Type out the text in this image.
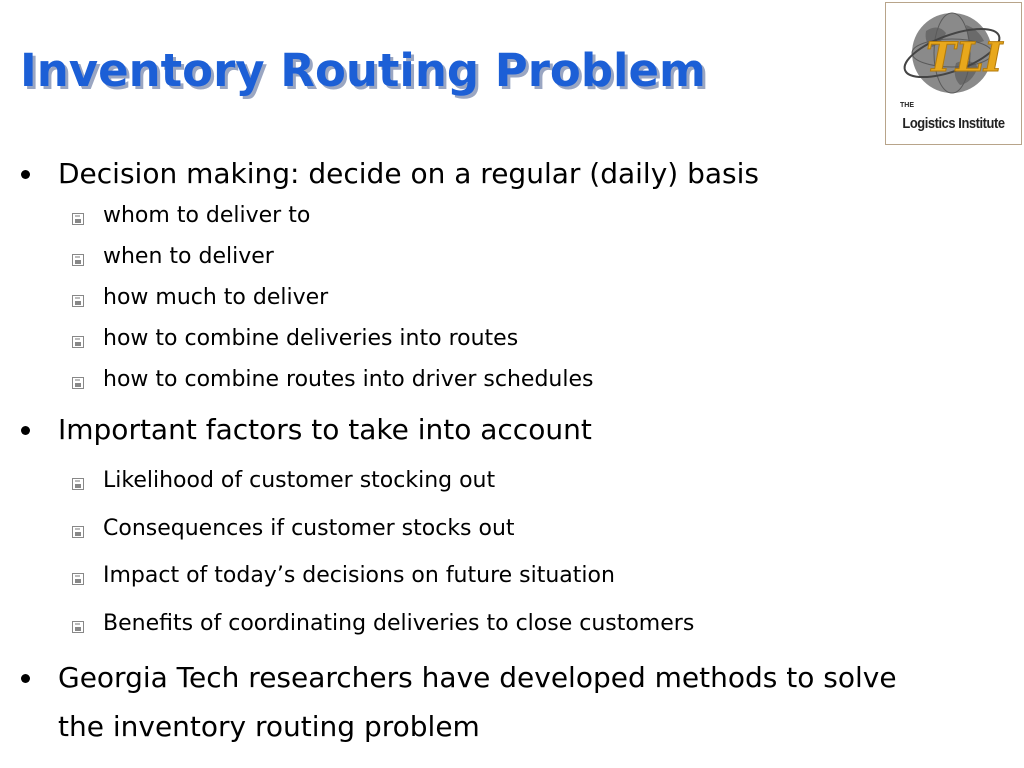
Inventory Routing Problem	TLI
THE
Logistics Institute
Decision making: decide on a regular (daily) basis
whom to deliver to
when to deliver
how much to deliver
how to combine deliveries into routes
how to combine routes into driver schedules
Important factors to take into account
Likelihood of customer stocking out
Consequences if customer stocks out
Impact of today’s decisions on future situation
Benefits of coordinating deliveries to close customers
Georgia Tech researchers have developed methods to solve
the inventory routing problem
